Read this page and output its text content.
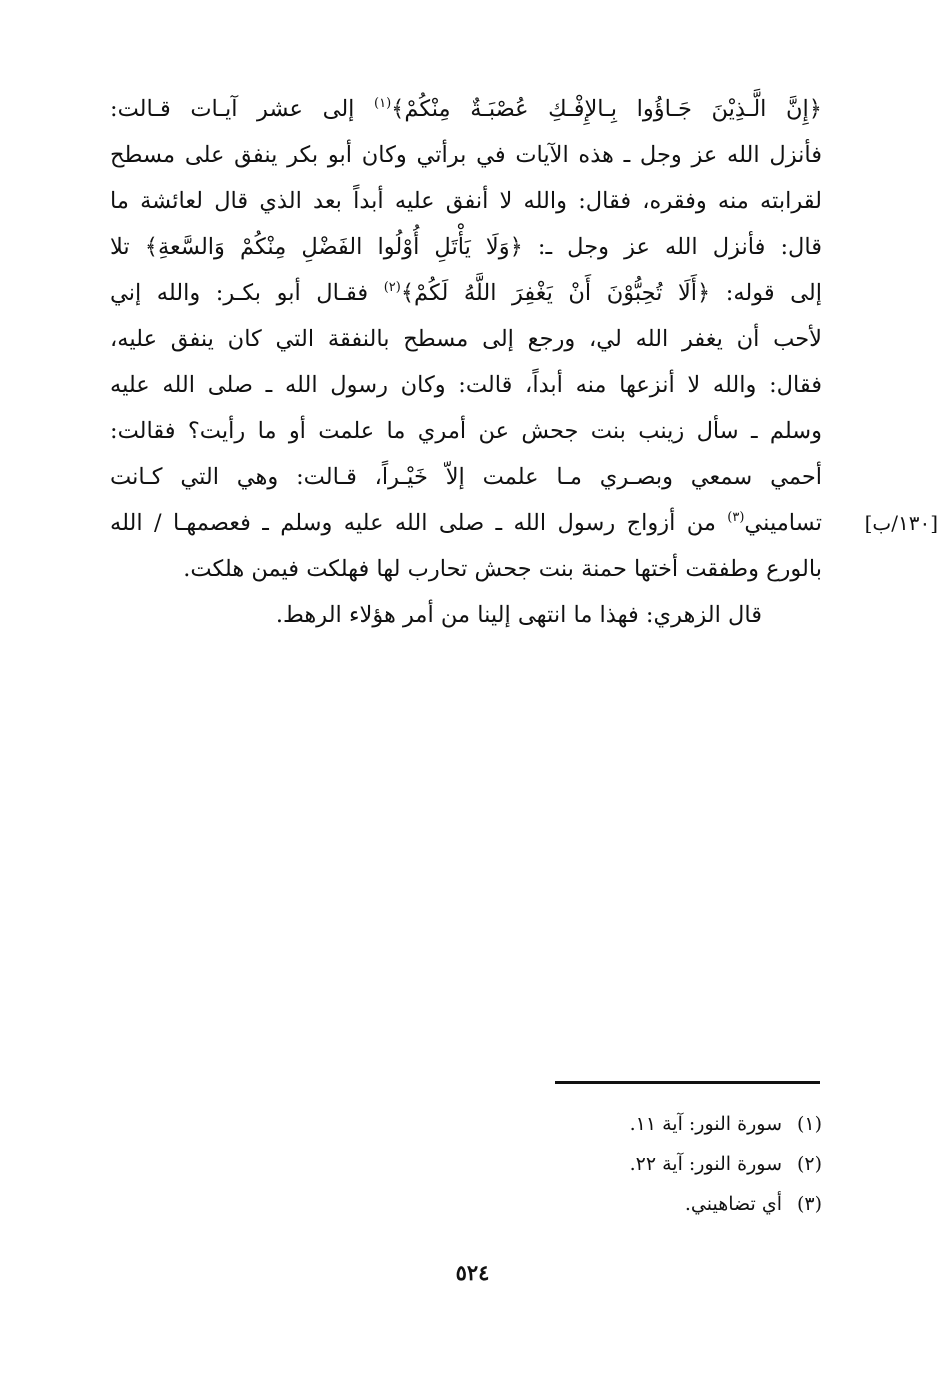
﴿إِنَّ الَّـذِيْنَ جَـاؤُوا بِـالإِفْـكِ عُصْبَـةٌ مِنْكُمْ﴾$^{(١)}$ إلى عشر آيـات قـالت:
فأنزل الله عز وجل ـ هذه الآيات في برأتي وكان أبو بكر ينفق على مسطح
لقرابته منه وفقره، فقال: والله لا أنفق عليه أبداً بعد الذي قال لعائشة ما
قال: فأنزل الله عز وجل ـ: ﴿وَلَا يَأْتَلِ أُوْلُوا الفَضْلِ مِنْكُمْ وَالسَّعةِ﴾ تلا
إلى قوله: ﴿أَلَا تُحِبُّوْنَ أَنْ يَغْفِرَ اللَّهُ لَكُمْ﴾$^{(٢)}$ فقـال أبو بكـر: والله إني
لأحب أن يغفر الله لي، ورجع إلى مسطح بالنفقة التي كان ينفق عليه،
فقال: والله لا أنزعها منه أبداً، قالت: وكان رسول الله ـ صلى الله عليه
وسلم ـ سأل زينب بنت جحش عن أمري ما علمت أو ما رأيت؟ فقالت:
أحمي سمعي وبصـري مـا علمت إلاّ خَيْـراً، قـالت: وهي التي كـانت
تساميني$^{(٣)}$ من أزواج رسول الله ـ صلى الله عليه وسلم ـ فعصمهـا / الله
بالورع وطفقت أختها حمنة بنت جحش تحارب لها فهلكت فيمن هلكت.
قال الزهري: فهذا ما انتهى إلينا من أمر هؤلاء الرهط.
[١٣٠/ب]
(١)سورة النور: آية ١١.
(٢)سورة النور: آية ٢٢.
(٣)أي تضاهيني.
٥٢٤
